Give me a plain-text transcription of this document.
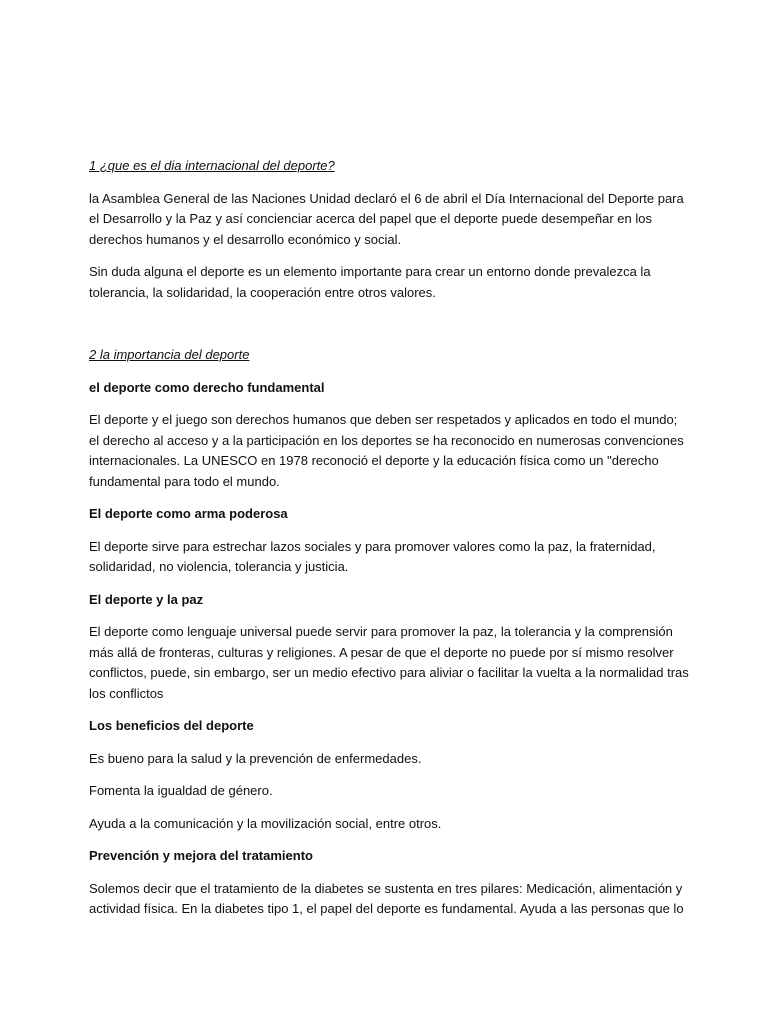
1 ¿que es el dia internacional del deporte?

la Asamblea General de las Naciones Unidad declaró el 6 de abril el Día Internacional del Deporte para el Desarrollo y la Paz y así concienciar acerca del papel que el deporte puede desempeñar en los derechos humanos y el desarrollo económico y social.

Sin duda alguna el deporte es un elemento importante para crear un entorno donde prevalezca la tolerancia, la solidaridad, la cooperación entre otros valores.

2 la importancia del deporte

el deporte como derecho fundamental

El deporte y el juego son derechos humanos que deben ser respetados y aplicados en todo el mundo; el derecho al acceso y a la participación en los deportes se ha reconocido en numerosas convenciones internacionales. La UNESCO en 1978 reconoció el deporte y la educación física como un "derecho fundamental para todo el mundo.

El deporte como arma poderosa

El deporte sirve para estrechar lazos sociales y para promover valores como la paz, la fraternidad, solidaridad, no violencia, tolerancia y justicia.

El deporte y la paz

El deporte como lenguaje universal puede servir para promover la paz, la tolerancia y la comprensión más allá de fronteras, culturas y religiones. A pesar de que el deporte no puede por sí mismo resolver conflictos, puede, sin embargo, ser un medio efectivo para aliviar o facilitar la vuelta a la normalidad tras los conflictos

Los beneficios del deporte

Es bueno para la salud y la prevención de enfermedades.

Fomenta la igualdad de género.

Ayuda a la comunicación y la movilización social, entre otros.

Prevención y mejora del tratamiento

Solemos decir que el tratamiento de la diabetes se sustenta en tres pilares: Medicación, alimentación y actividad física. En la diabetes tipo 1, el papel del deporte es fundamental. Ayuda a las personas que lo
